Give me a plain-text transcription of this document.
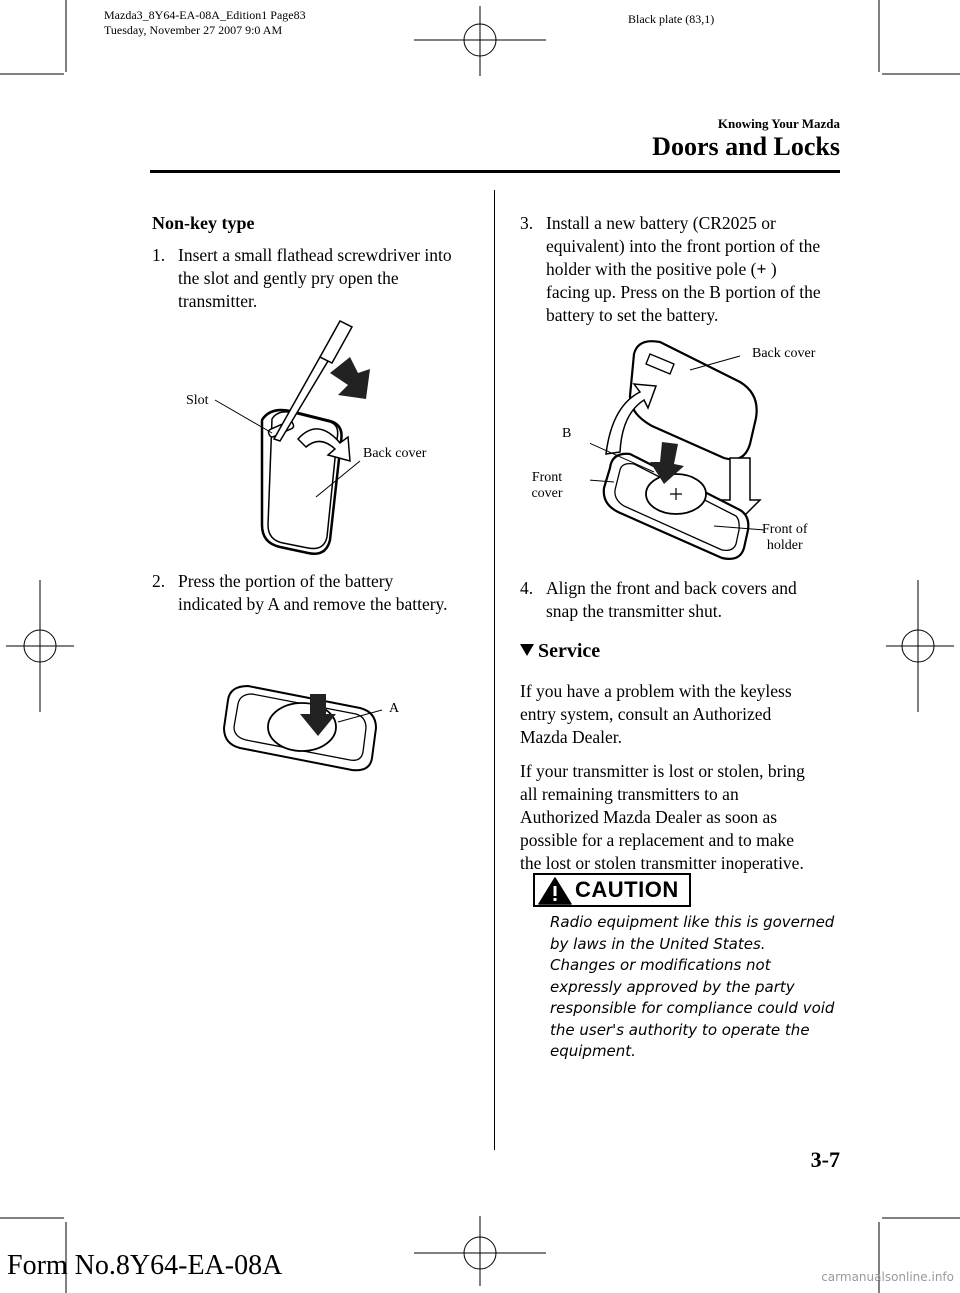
Mazda3_8Y64-EA-08A_Edition1 Page83
Tuesday, November 27 2007 9:0 AM
Black plate (83,1)
Knowing Your Mazda
Doors and Locks
Non-key type
1. Insert a small flathead screwdriver into
the slot and gently pry open the
transmitter.
Slot
Back cover
2. Press the portion of the battery
indicated by A and remove the battery.
A
3. Install a new battery (CR2025 or
equivalent) into the front portion of the
holder with the positive pole (+ )
facing up. Press on the B portion of the
battery to set the battery.
Back cover
B
Front
cover
Front of
holder
4. Align the front and back covers and
snap the transmitter shut.
Service
If you have a problem with the keyless
entry system, consult an Authorized
Mazda Dealer.
If your transmitter is lost or stolen, bring
all remaining transmitters to an
Authorized Mazda Dealer as soon as
possible for a replacement and to make
the lost or stolen transmitter inoperative.
CAUTION
Radio equipment like this is governed
by laws in the United States.
Changes or modifications not
expressly approved by the party
responsible for compliance could void
the user's authority to operate the
equipment.
3-7
Form No.8Y64-EA-08A	carmanualsonline.info
